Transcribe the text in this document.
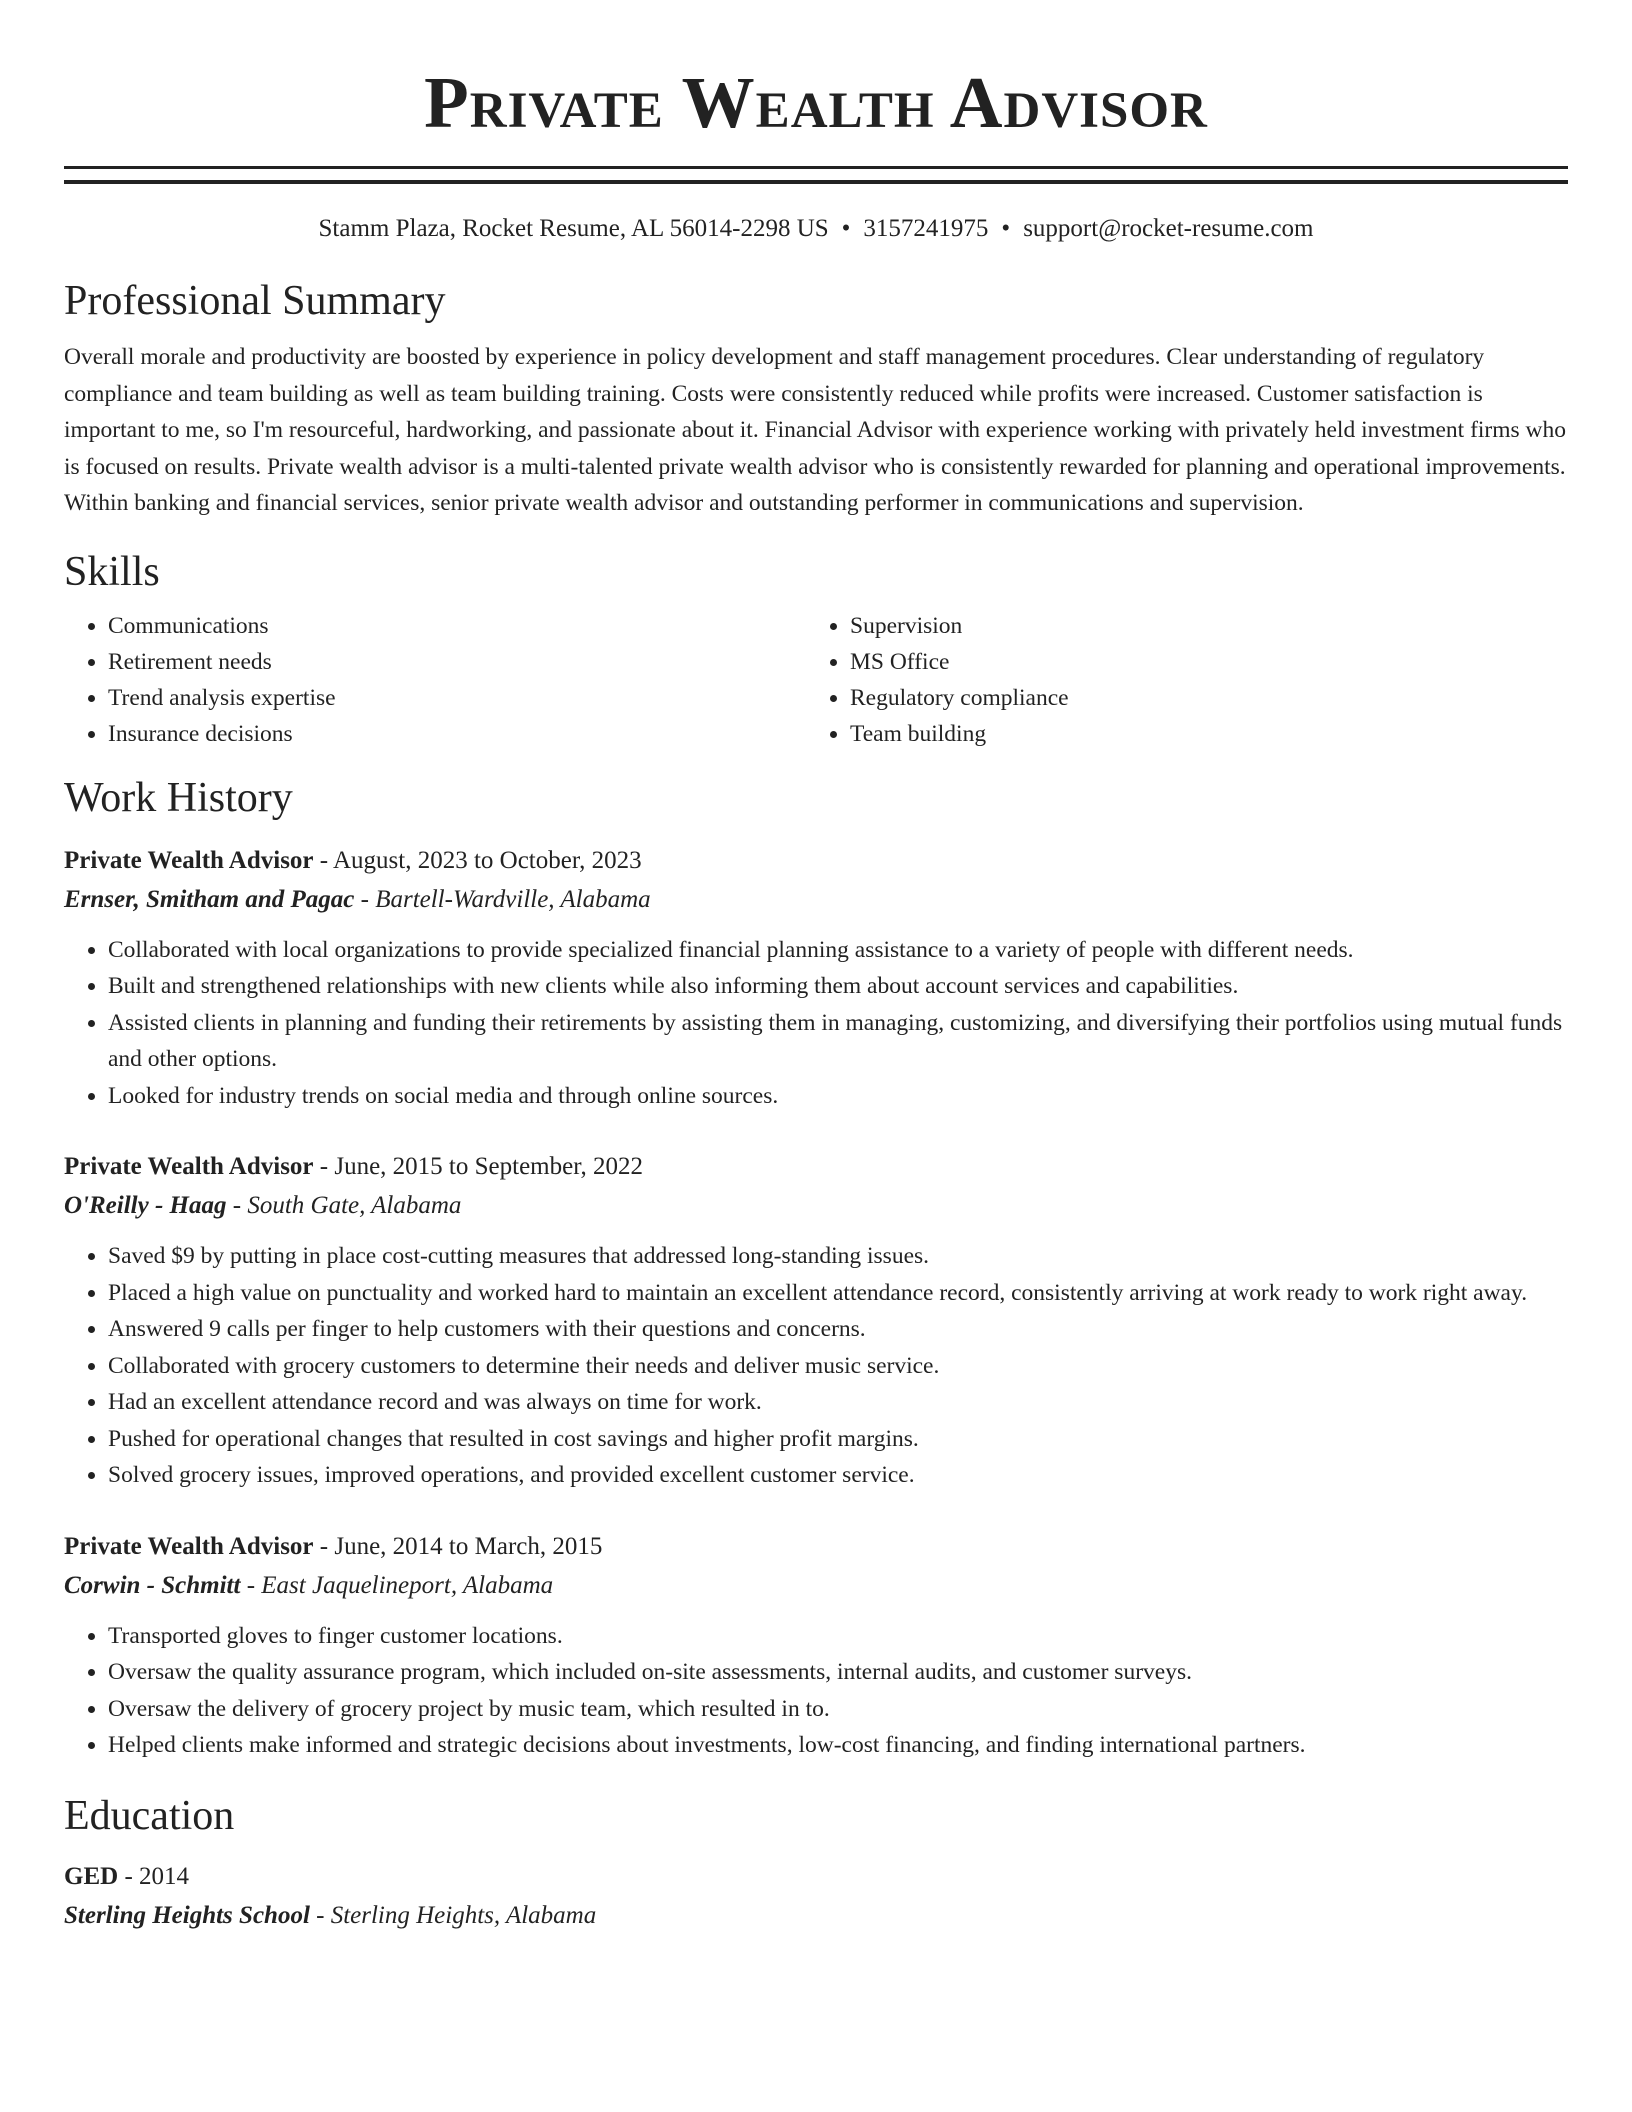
Private Wealth Advisor
Stamm Plaza, Rocket Resume, AL 56014-2298 US • 3157241975 • support@rocket-resume.com
Professional Summary

Overall morale and productivity are boosted by experience in policy development and staff management procedures. Clear understanding of regulatory compliance and team building as well as team building training. Costs were consistently reduced while profits were increased. Customer satisfaction is important to me, so I'm resourceful, hardworking, and passionate about it. Financial Advisor with experience working with privately held investment firms who is focused on results. Private wealth advisor is a multi-talented private wealth advisor who is consistently rewarded for planning and operational improvements. Within banking and financial services, senior private wealth advisor and outstanding performer in communications and supervision.

Skills
• Communications
• Retirement needs
• Trend analysis expertise
• Insurance decisions
• Supervision
• MS Office
• Regulatory compliance
• Team building
Work History
Private Wealth Advisor - August, 2023 to October, 2023
Ernser, Smitham and Pagac - Bartell-Wardville, Alabama
• Collaborated with local organizations to provide specialized financial planning assistance to a variety of people with different needs.
• Built and strengthened relationships with new clients while also informing them about account services and capabilities.
• Assisted clients in planning and funding their retirements by assisting them in managing, customizing, and diversifying their portfolios using mutual funds and other options.
• Looked for industry trends on social media and through online sources.
Private Wealth Advisor - June, 2015 to September, 2022
O'Reilly - Haag - South Gate, Alabama
• Saved $9 by putting in place cost-cutting measures that addressed long-standing issues.
• Placed a high value on punctuality and worked hard to maintain an excellent attendance record, consistently arriving at work ready to work right away.
• Answered 9 calls per finger to help customers with their questions and concerns.
• Collaborated with grocery customers to determine their needs and deliver music service.
• Had an excellent attendance record and was always on time for work.
• Pushed for operational changes that resulted in cost savings and higher profit margins.
• Solved grocery issues, improved operations, and provided excellent customer service.
Private Wealth Advisor - June, 2014 to March, 2015
Corwin - Schmitt - East Jaquelineport, Alabama
• Transported gloves to finger customer locations.
• Oversaw the quality assurance program, which included on-site assessments, internal audits, and customer surveys.
• Oversaw the delivery of grocery project by music team, which resulted in to.
• Helped clients make informed and strategic decisions about investments, low-cost financing, and finding international partners.
Education
GED - 2014
Sterling Heights School - Sterling Heights, Alabama
